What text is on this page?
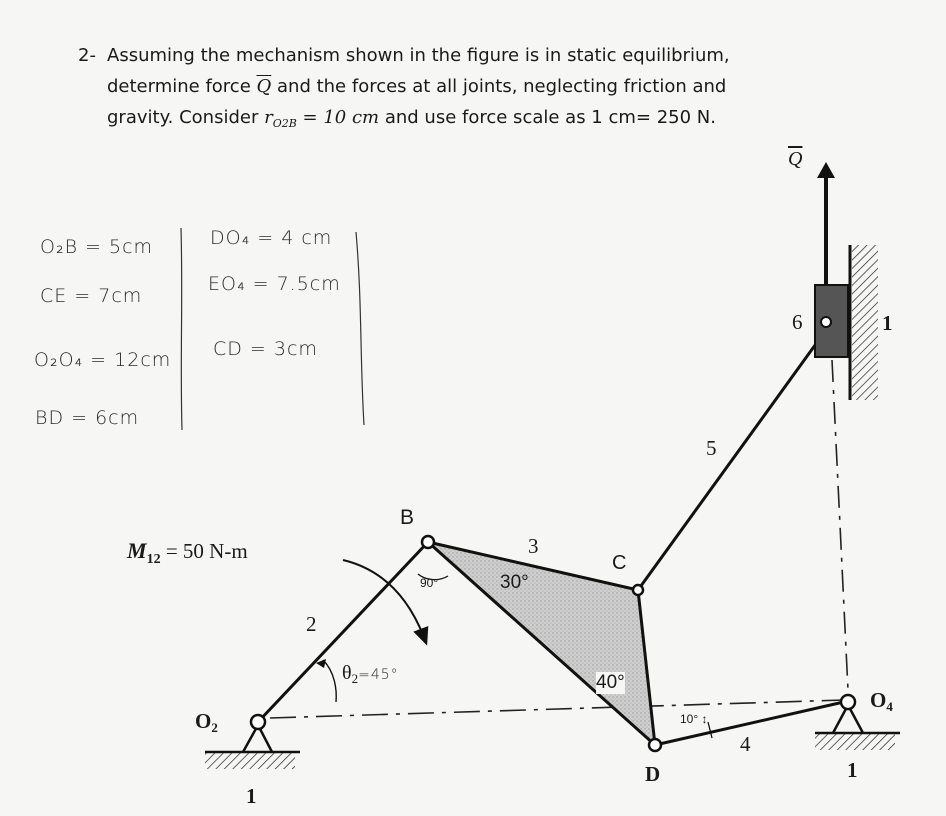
2- Assuming the mechanism shown in the figure is in static equilibrium,
determine force $\overline{Q}$ and the forces at all joints, neglecting friction and
gravity. Consider $r_{O2B} = 10$ cm and use force scale as 1 cm= 250 N.
O₂B = 5cm
CE = 7cm
O₂O₄ = 12cm
BD = 6cm
DO₄ = 4 cm
EO₄ = 7.5cm
CD = 3cm
$\overline{Q}$
$M_{12} = 50$ N-m
$\theta_2=45^\circ$
90°	30°
40°
10° ↕
B
C
D
O2
O4
1
1
1
2
3
4
5
6
